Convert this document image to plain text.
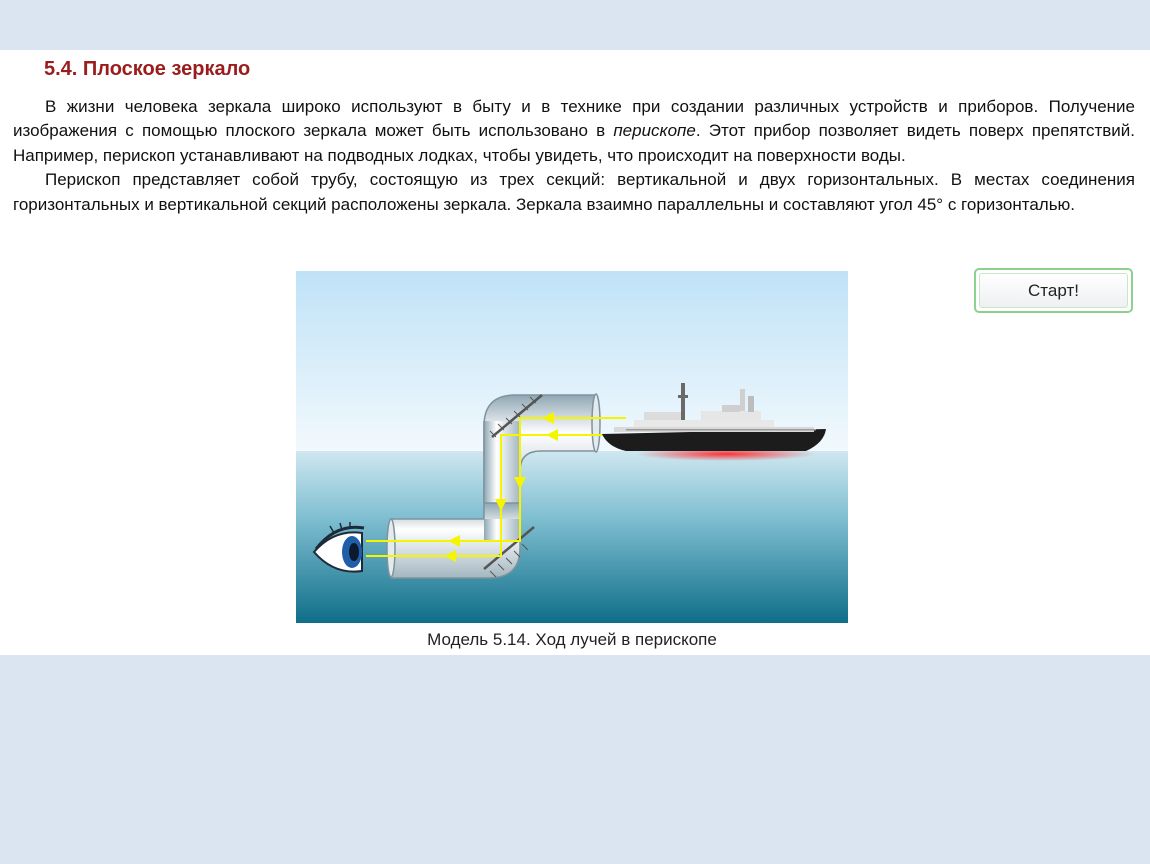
5.4. Плоское зеркало

В жизни человека зеркала широко используют в быту и в технике при создании различных устройств и приборов. Получение изображения с помощью плоского зеркала может быть использовано в перископе. Этот прибор позволяет видеть поверх препятствий. Например, перископ устанавливают на подводных лодках, чтобы увидеть, что происходит на поверхности воды.

Перископ представляет собой трубу, состоящую из трех секций: вертикальной и двух горизонтальных. В местах соединения горизонтальных и вертикальной секций расположены зеркала. Зеркала взаимно параллельны и составляют угол 45° с горизонталью.

Старт!
Модель 5.14. Ход лучей в перископе
